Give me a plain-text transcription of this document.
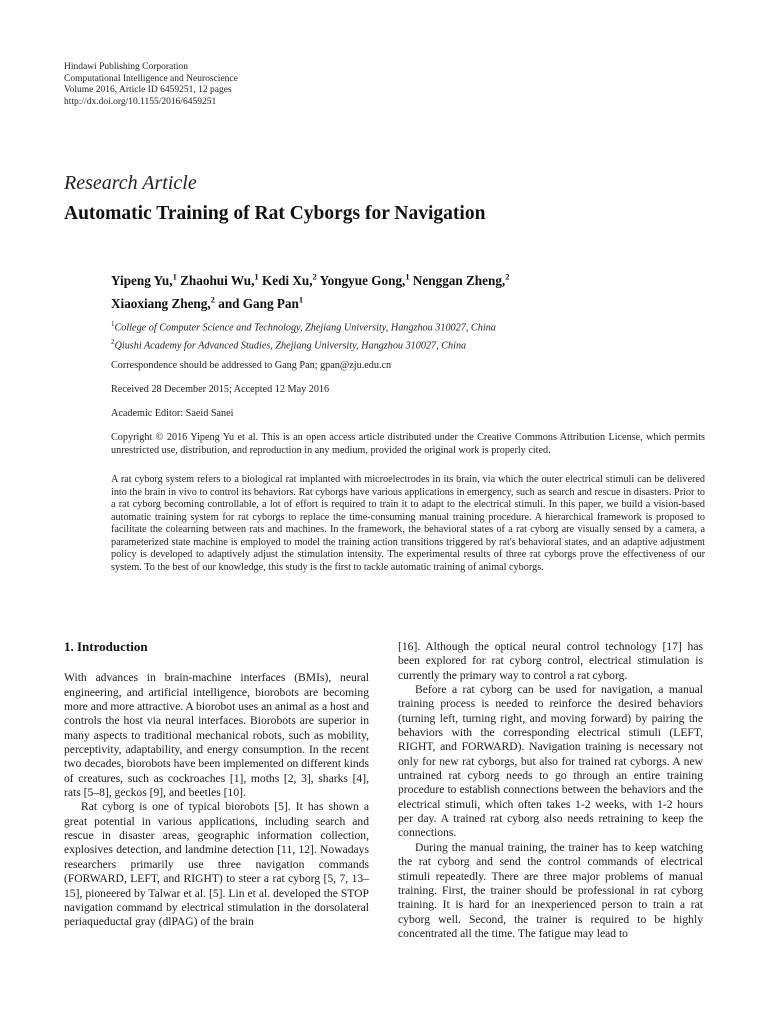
Hindawi Publishing Corporation
Computational Intelligence and Neuroscience
Volume 2016, Article ID 6459251, 12 pages
http://dx.doi.org/10.1155/2016/6459251
Research Article
Automatic Training of Rat Cyborgs for Navigation
Yipeng Yu,$^1$ Zhaohui Wu,$^1$ Kedi Xu,$^2$ Yongyue Gong,$^1$ Nenggan Zheng,$^2$
Xiaoxiang Zheng,$^2$ and Gang Pan$^1$
$^1$College of Computer Science and Technology, Zhejiang University, Hangzhou 310027, China
$^2$Qiushi Academy for Advanced Studies, Zhejiang University, Hangzhou 310027, China
Correspondence should be addressed to Gang Pan; gpan@zju.edu.cn
Received 28 December 2015; Accepted 12 May 2016
Academic Editor: Saeid Sanei
Copyright © 2016 Yipeng Yu et al. This is an open access article distributed under the Creative Commons Attribution License, which permits unrestricted use, distribution, and reproduction in any medium, provided the original work is properly cited.
A rat cyborg system refers to a biological rat implanted with microelectrodes in its brain, via which the outer electrical stimuli can be delivered into the brain in vivo to control its behaviors. Rat cyborgs have various applications in emergency, such as search and rescue in disasters. Prior to a rat cyborg becoming controllable, a lot of effort is required to train it to adapt to the electrical stimuli. In this paper, we build a vision-based automatic training system for rat cyborgs to replace the time-consuming manual training procedure. A hierarchical framework is proposed to facilitate the colearning between rats and machines. In the framework, the behavioral states of a rat cyborg are visually sensed by a camera, a parameterized state machine is employed to model the training action transitions triggered by rat's behavioral states, and an adaptive adjustment policy is developed to adaptively adjust the stimulation intensity. The experimental results of three rat cyborgs prove the effectiveness of our system. To the best of our knowledge, this study is the first to tackle automatic training of animal cyborgs.
1. Introduction

With advances in brain-machine interfaces (BMIs), neural engineering, and artificial intelligence, biorobots are becoming more and more attractive. A biorobot uses an animal as a host and controls the host via neural interfaces. Biorobots are superior in many aspects to traditional mechanical robots, such as mobility, perceptivity, adaptability, and energy consumption. In the recent two decades, biorobots have been implemented on different kinds of creatures, such as cockroaches [1], moths [2, 3], sharks [4], rats [5–8], geckos [9], and beetles [10].

Rat cyborg is one of typical biorobots [5]. It has shown a great potential in various applications, including search and rescue in disaster areas, geographic information collection, explosives detection, and landmine detection [11, 12]. Nowadays researchers primarily use three navigation commands (FORWARD, LEFT, and RIGHT) to steer a rat cyborg [5, 7, 13–15], pioneered by Talwar et al. [5]. Lin et al. developed the STOP navigation command by electrical stimulation in the dorsolateral periaqueductal gray (dlPAG) of the brain

[16]. Although the optical neural control technology [17] has been explored for rat cyborg control, electrical stimulation is currently the primary way to control a rat cyborg.

Before a rat cyborg can be used for navigation, a manual training process is needed to reinforce the desired behaviors (turning left, turning right, and moving forward) by pairing the behaviors with the corresponding electrical stimuli (LEFT, RIGHT, and FORWARD). Navigation training is necessary not only for new rat cyborgs, but also for trained rat cyborgs. A new untrained rat cyborg needs to go through an entire training procedure to establish connections between the behaviors and the electrical stimuli, which often takes 1-2 weeks, with 1-2 hours per day. A trained rat cyborg also needs retraining to keep the connections.

During the manual training, the trainer has to keep watching the rat cyborg and send the control commands of electrical stimuli repeatedly. There are three major problems of manual training. First, the trainer should be professional in rat cyborg training. It is hard for an inexperienced person to train a rat cyborg well. Second, the trainer is required to be highly concentrated all the time. The fatigue may lead to
